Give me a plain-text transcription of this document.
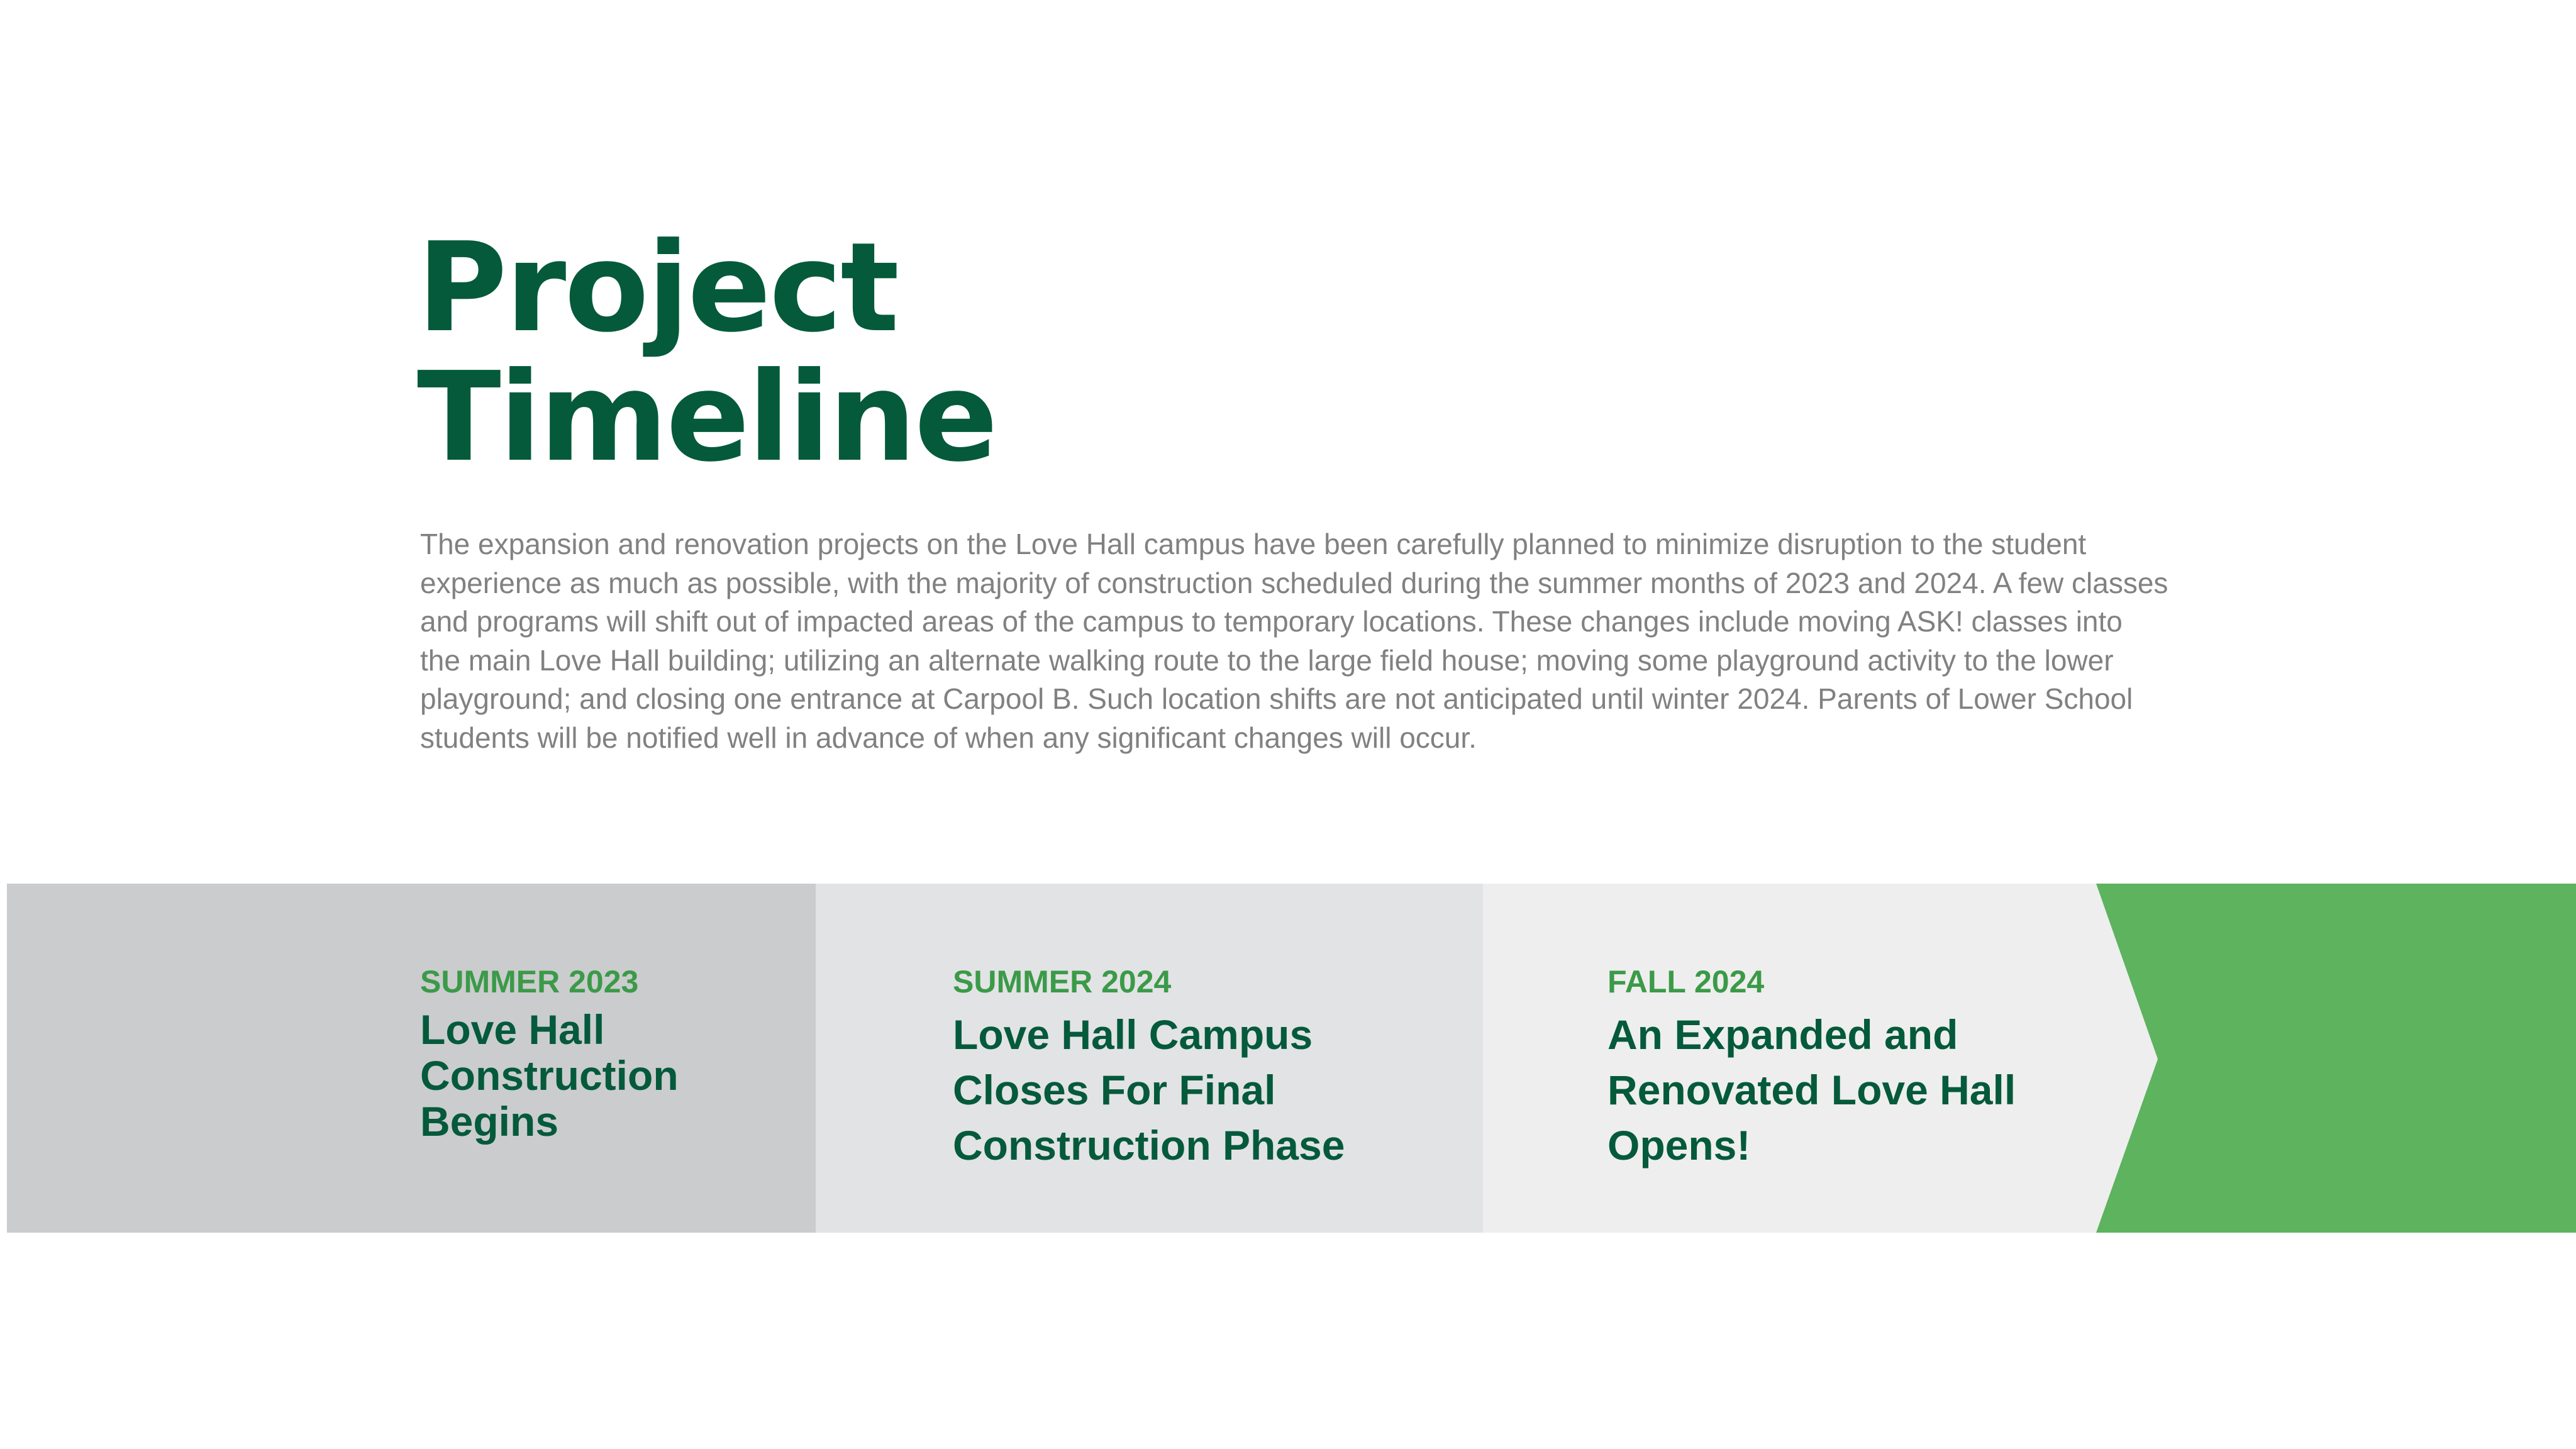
Project
Timeline

The expansion and renovation projects on the Love Hall campus have been carefully planned to minimize disruption to the student experience as much as possible, with the majority of construction scheduled during the summer months of 2023 and 2024. A few classes and programs will shift out of impacted areas of the campus to temporary locations. These changes include moving ASK! classes into the main Love Hall building; utilizing an alternate walking route to the large field house; moving some playground activity to the lower playground; and closing one entrance at Carpool B. Such location shifts are not anticipated until winter 2024. Parents of Lower School students will be notified well in advance of when any significant changes will occur.

SUMMER 2023

Love Hall
Construction
Begins

SUMMER 2024

Love Hall Campus
Closes For Final
Construction Phase

FALL 2024

An Expanded and
Renovated Love Hall
Opens!
